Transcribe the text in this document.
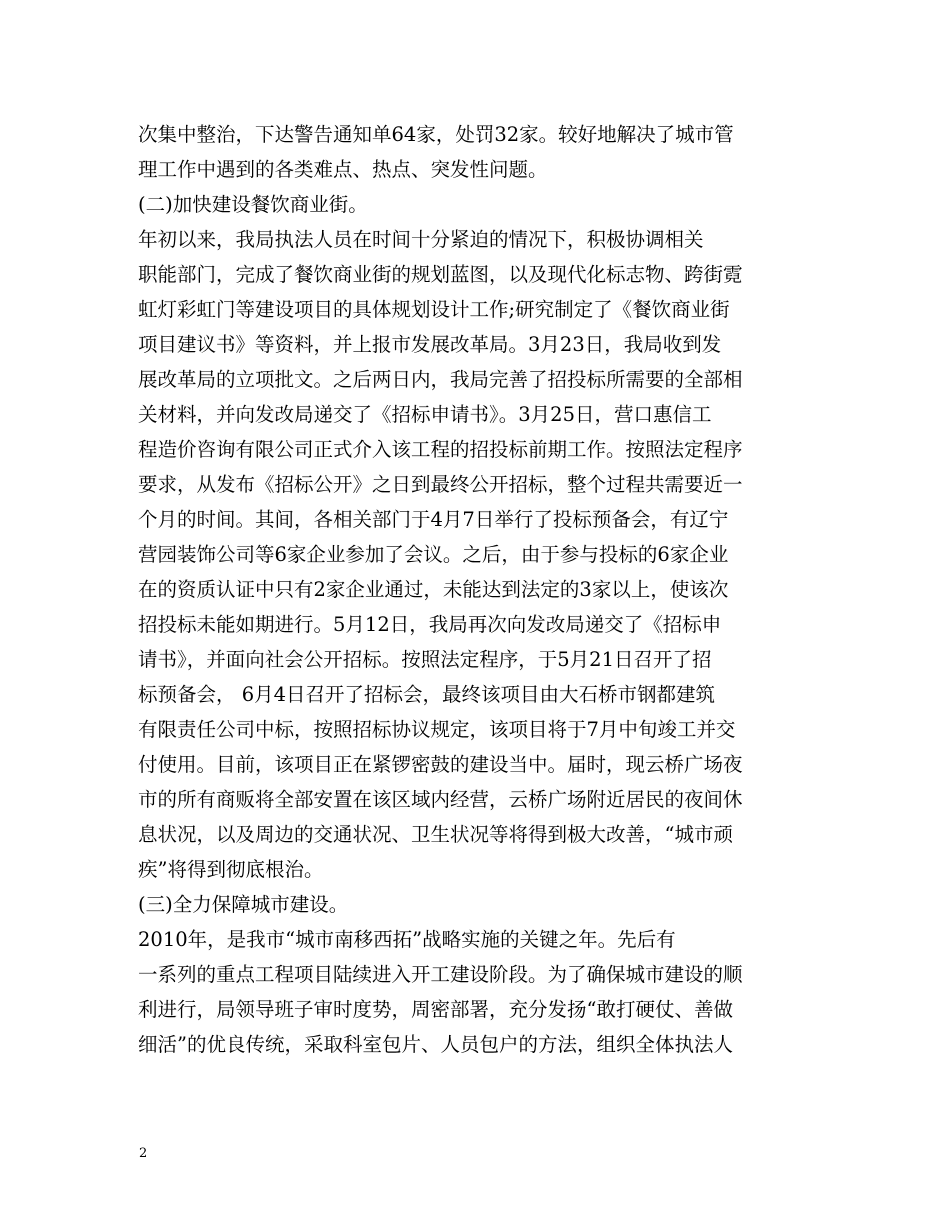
次集中整治，下达警告通知单64家，处罚32家。较好地解决了城市管
理工作中遇到的各类难点、热点、突发性问题。
(二)加快建设餐饮商业街。
年初以来，我局执法人员在时间十分紧迫的情况下，积极协调相关
职能部门，完成了餐饮商业街的规划蓝图，以及现代化标志物、跨街霓
虹灯彩虹门等建设项目的具体规划设计工作;研究制定了《餐饮商业街
项目建议书》等资料，并上报市发展改革局。3月23日，我局收到发
展改革局的立项批文。之后两日内，我局完善了招投标所需要的全部相
关材料，并向发改局递交了《招标申请书》。3月25日，营口惠信工
程造价咨询有限公司正式介入该工程的招投标前期工作。按照法定程序
要求，从发布《招标公开》之日到最终公开招标，整个过程共需要近一
个月的时间。其间，各相关部门于4月7日举行了投标预备会，有辽宁
营园装饰公司等6家企业参加了会议。之后，由于参与投标的6家企业
在的资质认证中只有2家企业通过，未能达到法定的3家以上，使该次
招投标未能如期进行。5月12日，我局再次向发改局递交了《招标申
请书》，并面向社会公开招标。按照法定程序，于5月21日召开了招
标预备会， 6月4日召开了招标会，最终该项目由大石桥市钢都建筑
有限责任公司中标，按照招标协议规定，该项目将于7月中旬竣工并交
付使用。目前，该项目正在紧锣密鼓的建设当中。届时，现云桥广场夜
市的所有商贩将全部安置在该区域内经营，云桥广场附近居民的夜间休
息状况，以及周边的交通状况、卫生状况等将得到极大改善，“城市顽
疾”将得到彻底根治。
(三)全力保障城市建设。
2010年，是我市“城市南移西拓”战略实施的关键之年。先后有
一系列的重点工程项目陆续进入开工建设阶段。为了确保城市建设的顺
利进行，局领导班子审时度势，周密部署，充分发扬“敢打硬仗、善做
细活”的优良传统，采取科室包片、人员包户的方法，组织全体执法人
2
